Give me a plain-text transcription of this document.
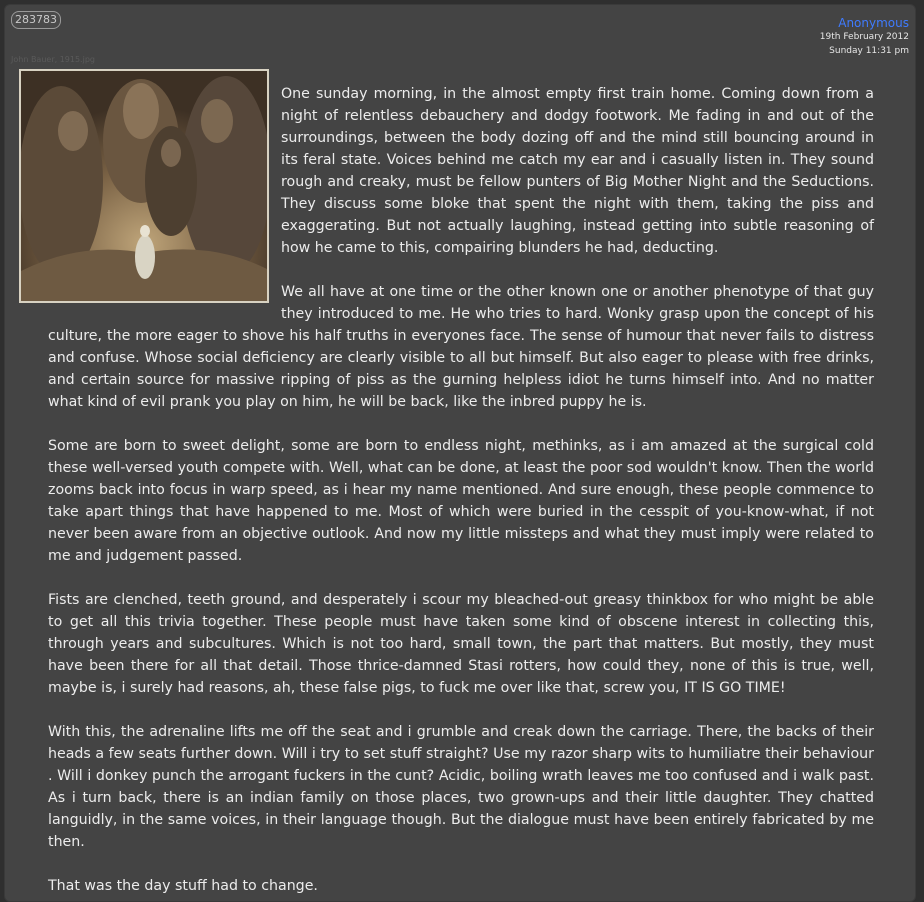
283783
John Bauer, 1915.jpg
Anonymous
19th February 2012
Sunday 11:31 pm

One sunday morning, in the almost empty first train home. Coming down from a night of relentless debauchery and dodgy footwork. Me fading in and out of the surroundings, between the body dozing off and the mind still bouncing around in its feral state. Voices behind me catch my ear and i casually listen in. They sound rough and creaky, must be fellow punters of Big Mother Night and the Seductions. They discuss some bloke that spent the night with them, taking the piss and exaggerating. But not actually laughing, instead getting into subtle reasoning of how he came to this, compairing blunders he had, deducting.

We all have at one time or the other known one or another phenotype of that guy they introduced to me. He who tries to hard. Wonky grasp upon the concept of his culture, the more eager to shove his half truths in everyones face. The sense of humour that never fails to distress and confuse. Whose social deficiency are clearly visible to all but himself. But also eager to please with free drinks, and certain source for massive ripping of piss as the gurning helpless idiot he turns himself into. And no matter what kind of evil prank you play on him, he will be back, like the inbred puppy he is.

Some are born to sweet delight, some are born to endless night, methinks, as i am amazed at the surgical cold these well-versed youth compete with. Well, what can be done, at least the poor sod wouldn't know. Then the world zooms back into focus in warp speed, as i hear my name mentioned. And sure enough, these people commence to take apart things that have happened to me. Most of which were buried in the cesspit of you-know-what, if not never been aware from an objective outlook. And now my little missteps and what they must imply were related to me and judgement passed.

Fists are clenched, teeth ground, and desperately i scour my bleached-out greasy thinkbox for who might be able to get all this trivia together. These people must have taken some kind of obscene interest in collecting this, through years and subcultures. Which is not too hard, small town, the part that matters. But mostly, they must have been there for all that detail. Those thrice-damned Stasi rotters, how could they, none of this is true, well, maybe is, i surely had reasons, ah, these false pigs, to fuck me over like that, screw you, IT IS GO TIME!

With this, the adrenaline lifts me off the seat and i grumble and creak down the carriage. There, the backs of their heads a few seats further down. Will i try to set stuff straight? Use my razor sharp wits to humiliatre their behaviour . Will i donkey punch the arrogant fuckers in the cunt? Acidic, boiling wrath leaves me too confused and i walk past. As i turn back, there is an indian family on those places, two grown-ups and their little daughter. They chatted languidly, in the same voices, in their language though. But the dialogue must have been entirely fabricated by me then.

That was the day stuff had to change.
